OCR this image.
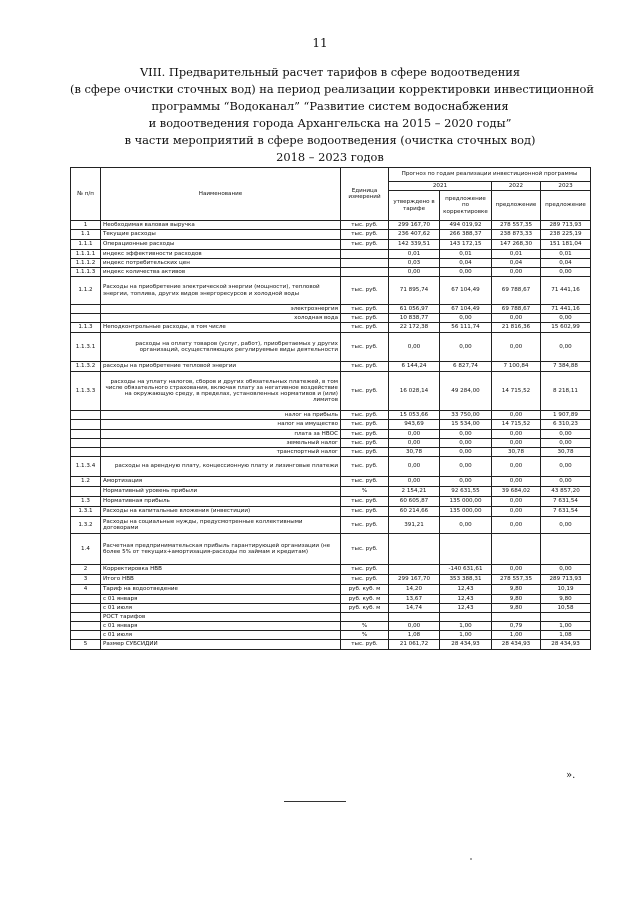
11
VIII. Предварительный расчет тарифов в сфере водоотведения
(в сфере очистки сточных вод) на период реализации корректировки инвестиционной
программы “Водоканал” “Развитие систем водоснабжения
и водоотведения города Архангельска на 2015 – 2020 годы”
в части мероприятий в сфере водоотведения (очистка сточных вод)
2018 – 2023 годов
№ п/п	Наименование	Единица измерений	Прогноз по годам реализации инвестиционной программы			
			2021		2022	2023
			утверждено в тарифе	предложение по корректировке	предложение	предложение
1	Необходимая валовая выручка	тыс. руб.	299 167,70	494 019,92	278 557,35	289 713,93
1.1	Текущие расходы	тыс. руб.	236 407,62	266 388,37	238 873,33	238 225,19
1.1.1	Операционные расходы	тыс. руб.	142 339,51	143 172,15	147 268,30	151 181,04
1.1.1.1	индекс эффективности расходов		0,01	0,01	0,01	0,01
1.1.1.2	индекс потребительских цен		0,03	0,04	0,04	0,04
1.1.1.3	индекс количества активов		0,00	0,00	0,00	0,00
1.1.2	Расходы на приобретение электрической энергии (мощности), тепловой энергии, топлива, других видов энергоресурсов и холодной воды	тыс. руб.	71 895,74	67 104,49	69 788,67	71 441,16
	электроэнергия	тыс. руб.	61 056,97	67 104,49	69 788,67	71 441,16
	холодная вода	тыс. руб.	10 838,77	0,00	0,00	0,00
1.1.3	Неподконтрольные расходы, в том числе	тыс. руб.	22 172,38	56 111,74	21 816,36	15 602,99
1.1.3.1	расходы на оплату товаров (услуг, работ), приобретаемых у других организаций, осуществляющих регулируемые виды деятельности	тыс. руб.	0,00	0,00	0,00	0,00
1.1.3.2	расходы на приобретение тепловой энергии	тыс. руб.	6 144,24	6 827,74	7 100,84	7 384,88
1.1.3.3	расходы на уплату налогов, сборов и других обязательных платежей, в том числе обязательного страхования, включая плату за негативное воздействие на окружающую среду, в пределах, установленных нормативов и (или) лимитов	тыс. руб.	16 028,14	49 284,00	14 715,52	8 218,11
	налог на прибыль	тыс. руб.	15 053,66	33 750,00	0,00	1 907,89
	налог на имущество	тыс. руб.	943,69	15 534,00	14 715,52	6 310,23
	плата за НВОС	тыс. руб.	0,00	0,00	0,00	0,00
	земельный налог	тыс. руб.	0,00	0,00	0,00	0,00
	транспортный налог	тыс. руб.	30,78	0,00	30,78	30,78
1.1.3.4	расходы на арендную плату, концессионную плату и лизинговые платежи	тыс. руб.	0,00	0,00	0,00	0,00
1.2	Амортизация	тыс. руб.	0,00	0,00	0,00	0,00
	Нормативный уровень прибыли	%	2 154,21	92 631,55	39 684,02	43 857,20
1.3	Нормативная прибыль	тыс. руб.	60 605,87	135 000,00	0,00	7 631,54
1.3.1	Расходы на капитальные вложения (инвестиции)	тыс. руб.	60 214,66	135 000,00	0,00	7 631,54
1.3.2	Расходы на социальные нужды, предусмотренные коллективными договорами	тыс. руб.	391,21	0,00	0,00	0,00
1.4	Расчетная предпринимательская прибыль гарантирующей организации (не более 5% от текущих+амортизация-расходы по займам и кредитам)	тыс. руб.				
2	Корректировка НВВ	тыс. руб.		-140 631,61	0,00	0,00
3	Итого НВВ	тыс. руб.	299 167,70	353 388,31	278 557,35	289 713,93
4	Тариф на водоотведение	руб. куб. м	14,20	12,43	9,80	10,19
	с 01 января	руб. куб. м	13,67	12,43	9,80	9,80
	с 01 июля	руб. куб. м	14,74	12,43	9,80	10,58
	РОСТ тарифов					
	с 01 января	%	0,00	1,00	0,79	1,00
	с 01 июля	%	1,08	1,00	1,00	1,08
5	Размер СУБСИДИИ	тыс. руб.	21 061,72	28 434,93	28 434,93	28 434,93
».
